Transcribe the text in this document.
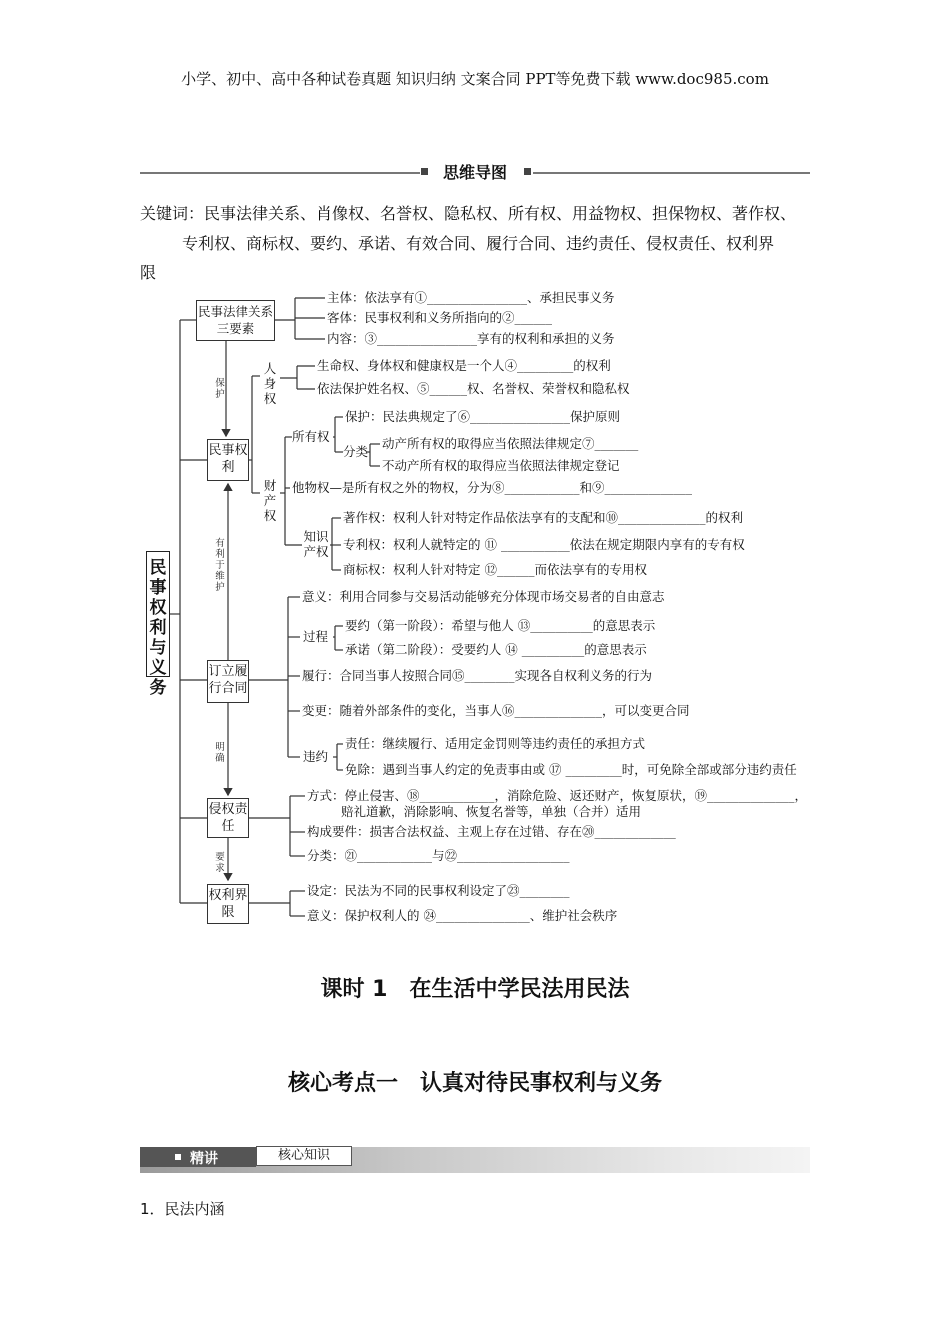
小学、初中、高中各种试卷真题 知识归纳 文案合同 PPT等免费下载 www.doc985.com
思维导图
关键词：民事法律关系、肖像权、名誉权、隐私权、所有权、用益物权、担保物权、著作权、
专利权、商标权、要约、承诺、有效合同、履行合同、违约责任、侵权责任、权利界
限
民事权利与义务
民事法律关系三要素
民事权利
订立履行合同
侵权责任
权利界限
保护
有利于维护
明确
要求
人身权
财产权
所有权
分类
知识产权
过程
违约
主体：依法享有①________________、承担民事义务
客体：民事权利和义务所指向的②______
内容：③________________享有的权利和承担的义务
生命权、身体权和健康权是一个人④_________的权利
依法保护姓名权、⑤______权、名誉权、荣誉权和隐私权
保护：民法典规定了⑥________________保护原则
动产所有权的取得应当依照法律规定⑦_______
不动产所有权的取得应当依照法律规定登记
他物权—是所有权之外的物权，分为⑧____________和⑨______________
著作权：权利人针对特定作品依法享有的支配和⑩______________的权利
专利权：权利人就特定的 ⑪ ___________依法在规定期限内享有的专有权
商标权：权利人针对特定 ⑫______而依法享有的专用权
意义：利用合同参与交易活动能够充分体现市场交易者的自由意志
要约（第一阶段）：希望与他人 ⑬__________的意思表示
承诺（第二阶段）：受要约人 ⑭ __________的意思表示
履行：合同当事人按照合同⑮________实现各自权利义务的行为
变更：随着外部条件的变化，当事人⑯______________，可以变更合同
责任：继续履行、适用定金罚则等违约责任的承担方式
免除：遇到当事人约定的免责事由或 ⑰ _________时，可免除全部或部分违约责任
方式：停止侵害、⑱____________，消除危险、返还财产，恢复原状，⑲______________，
赔礼道歉，消除影响、恢复名誉等，单独（合并）适用
构成要件：损害合法权益、主观上存在过错、存在⑳_____________
分类：㉑____________与㉒__________________
设定：民法为不同的民事权利设定了㉓________
意义：保护权利人的 ㉔_______________、维护社会秩序
课时 1　在生活中学民法用民法
核心考点一　认真对待民事权利与义务
精讲	核心知识
1．民法内涵
